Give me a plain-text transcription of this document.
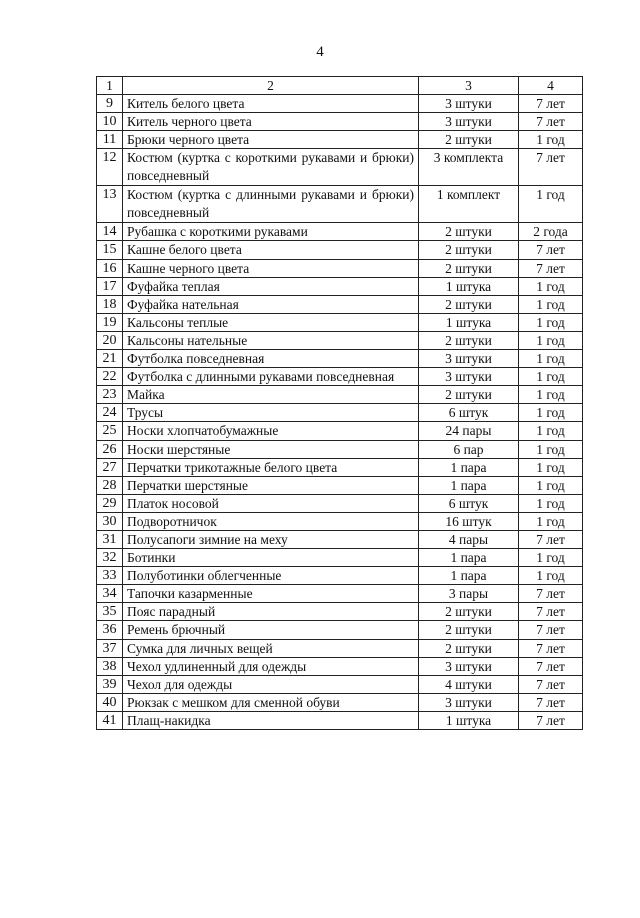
4
1	2	3	4
9	Китель белого цвета	3 штуки	7 лет
10	Китель черного цвета	3 штуки	7 лет
11	Брюки черного цвета	2 штуки	1 год
12	Костюм (куртка с короткими рукавами и брюки) повседневный	3 комплекта	7 лет
13	Костюм (куртка с длинными рукавами и брюки) повседневный	1 комплект	1 год
14	Рубашка с короткими рукавами	2 штуки	2 года
15	Кашне белого цвета	2 штуки	7 лет
16	Кашне черного цвета	2 штуки	7 лет
17	Фуфайка теплая	1 штука	1 год
18	Фуфайка нательная	2 штуки	1 год
19	Кальсоны теплые	1 штука	1 год
20	Кальсоны нательные	2 штуки	1 год
21	Футболка повседневная	3 штуки	1 год
22	Футболка с длинными рукавами повседневная	3 штуки	1 год
23	Майка	2 штуки	1 год
24	Трусы	6 штук	1 год
25	Носки хлопчатобумажные	24 пары	1 год
26	Носки шерстяные	6 пар	1 год
27	Перчатки трикотажные белого цвета	1 пара	1 год
28	Перчатки шерстяные	1 пара	1 год
29	Платок носовой	6 штук	1 год
30	Подворотничок	16 штук	1 год
31	Полусапоги зимние на меху	4 пары	7 лет
32	Ботинки	1 пара	1 год
33	Полуботинки облегченные	1 пара	1 год
34	Тапочки казарменные	3 пары	7 лет
35	Пояс парадный	2 штуки	7 лет
36	Ремень брючный	2 штуки	7 лет
37	Сумка для личных вещей	2 штуки	7 лет
38	Чехол удлиненный для одежды	3 штуки	7 лет
39	Чехол для одежды	4 штуки	7 лет
40	Рюкзак с мешком для сменной обуви	3 штуки	7 лет
41	Плащ-накидка	1 штука	7 лет
